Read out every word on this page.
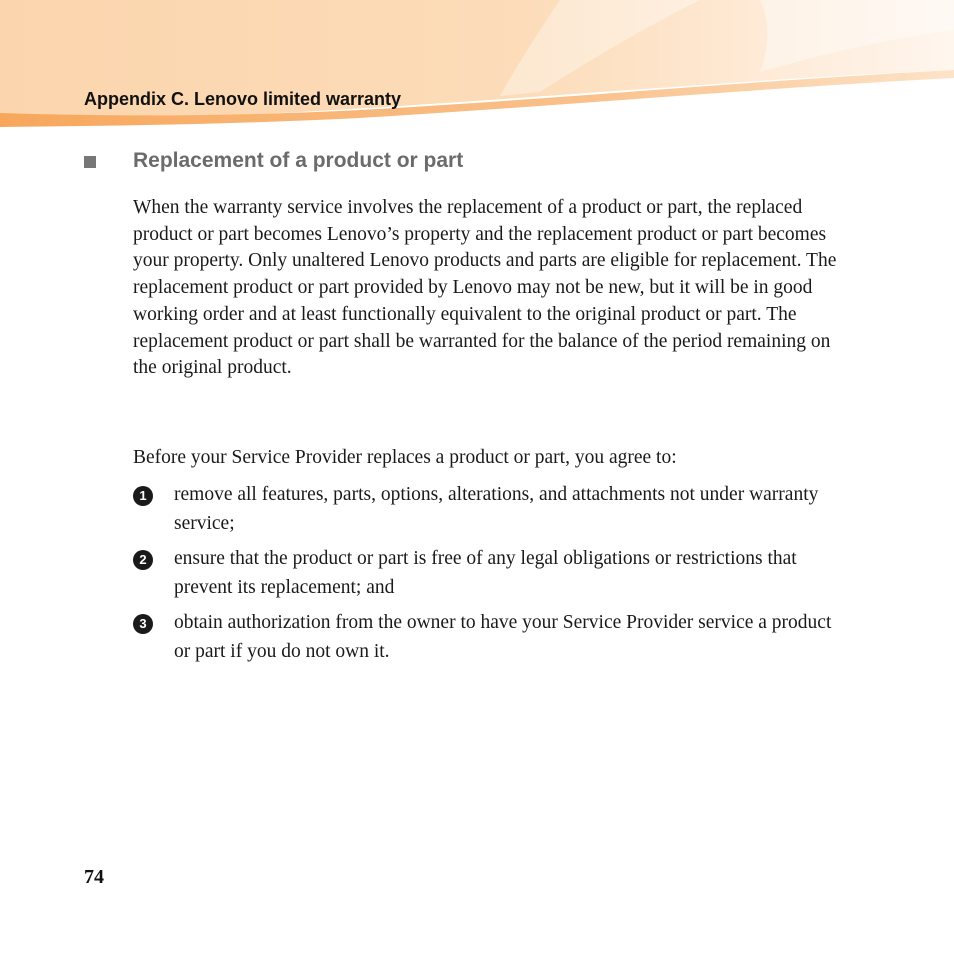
Appendix C. Lenovo limited warranty
Replacement of a product or part

When the warranty service involves the replacement of a product or part, the replaced product or part becomes Lenovo’s property and the replacement product or part becomes your property. Only unaltered Lenovo products and parts are eligible for replacement. The replacement product or part provided by Lenovo may not be new, but it will be in good working order and at least functionally equivalent to the original product or part. The replacement product or part shall be warranted for the balance of the period remaining on the original product.

Before your Service Provider replaces a product or part, you agree to:

1	remove all features, parts, options, alterations, and attachments not under warranty service;
2	ensure that the product or part is free of any legal obligations or restrictions that prevent its replacement; and
3	obtain authorization from the owner to have your Service Provider service a product or part if you do not own it.
74
